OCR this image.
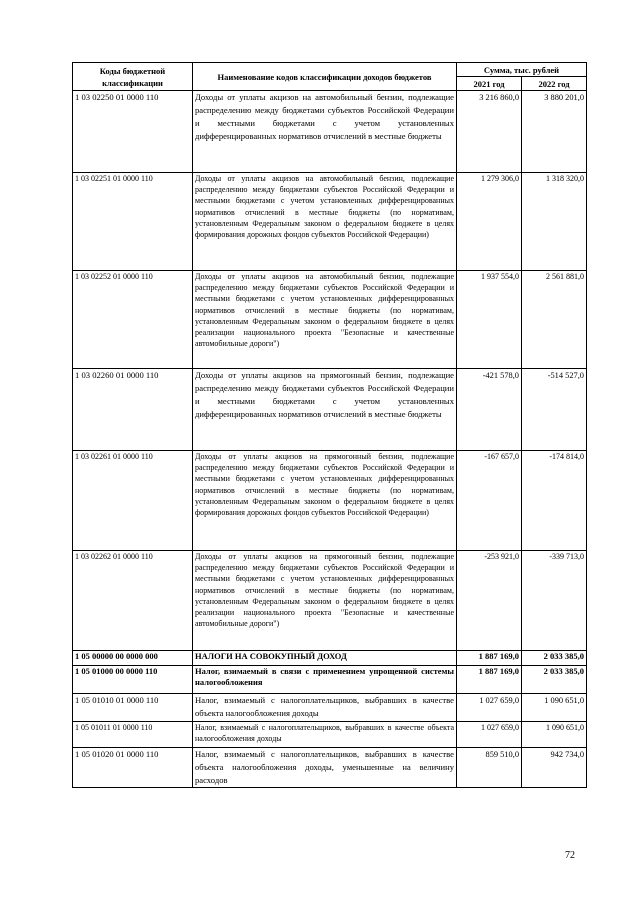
Коды бюджетной классификации	Наименование кодов классификации доходов бюджетов	Сумма, тыс. рублей	
		2021 год	2022 год
1 03 02250 01 0000 110	Доходы от уплаты акцизов на автомобильный бензин, подлежащие распределению между бюджетами субъектов Российской Федерации и местными бюджетами с учетом установленных дифференцированных нормативов отчислений в местные бюджеты	3 216 860,0	3 880 201,0
1 03 02251 01 0000 110	Доходы от уплаты акцизов на автомобильный бензин, подлежащие распределению между бюджетами субъектов Российской Федерации и местными бюджетами с учетом установленных дифференцированных нормативов отчислений в местные бюджеты (по нормативам, установленным Федеральным законом о федеральном бюджете в целях формирования дорожных фондов субъектов Российской Федерации)	1 279 306,0	1 318 320,0
1 03 02252 01 0000 110	Доходы от уплаты акцизов на автомобильный бензин, подлежащие распределению между бюджетами субъектов Российской Федерации и местными бюджетами с учетом установленных дифференцированных нормативов отчислений в местные бюджеты (по нормативам, установленным Федеральным законом о федеральном бюджете в целях реализации национального проекта "Безопасные и качественные автомобильные дороги")	1 937 554,0	2 561 881,0
1 03 02260 01 0000 110	Доходы от уплаты акцизов на прямогонный бензин, подлежащие распределению между бюджетами субъектов Российской Федерации и местными бюджетами с учетом установленных дифференцированных нормативов отчислений в местные бюджеты	-421 578,0	-514 527,0
1 03 02261 01 0000 110	Доходы от уплаты акцизов на прямогонный бензин, подлежащие распределению между бюджетами субъектов Российской Федерации и местными бюджетами с учетом установленных дифференцированных нормативов отчислений в местные бюджеты (по нормативам, установленным Федеральным законом о федеральном бюджете в целях формирования дорожных фондов субъектов Российской Федерации)	-167 657,0	-174 814,0
1 03 02262 01 0000 110	Доходы от уплаты акцизов на прямогонный бензин, подлежащие распределению между бюджетами субъектов Российской Федерации и местными бюджетами с учетом установленных дифференцированных нормативов отчислений в местные бюджеты (по нормативам, установленным Федеральным законом о федеральном бюджете в целях реализации национального проекта "Безопасные и качественные автомобильные дороги")	-253 921,0	-339 713,0
1 05 00000 00 0000 000	НАЛОГИ НА СОВОКУПНЫЙ ДОХОД	1 887 169,0	2 033 385,0
1 05 01000 00 0000 110	Налог, взимаемый в связи с применением упрощенной системы налогообложения	1 887 169,0	2 033 385,0
1 05 01010 01 0000 110	Налог, взимаемый с налогоплательщиков, выбравших в качестве объекта налогообложения доходы	1 027 659,0	1 090 651,0
1 05 01011 01 0000 110	Налог, взимаемый с налогоплательщиков, выбравших в качестве объекта налогообложения доходы	1 027 659,0	1 090 651,0
1 05 01020 01 0000 110	Налог, взимаемый с налогоплательщиков, выбравших в качестве объекта налогообложения доходы, уменьшенные на величину расходов	859 510,0	942 734,0
72
